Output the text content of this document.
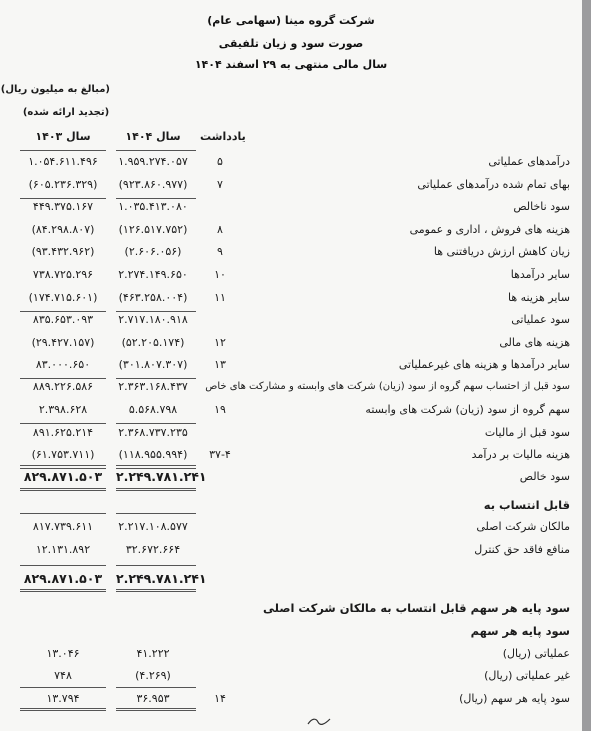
شرکت گروه مینا (سهامی عام)
صورت سود و زیان تلفیقی
سال مالی منتهی به ۲۹ اسفند ۱۴۰۴
(مبالغ به میلیون ریال)
(تجدید ارائه شده)
یادداشت
سال ۱۴۰۴
سال ۱۴۰۳
درآمدهای عملیاتی
۵
۱.۹۵۹.۲۷۴.۰۵۷
۱.۰۵۴.۶۱۱.۴۹۶
بهای تمام شده درآمدهای عملیاتی
۷
(۹۲۳.۸۶۰.۹۷۷)
(۶۰۵.۲۳۶.۳۲۹)
سود ناخالص
۱.۰۳۵.۴۱۳.۰۸۰
۴۴۹.۳۷۵.۱۶۷
هزینه های فروش ، اداری و عمومی
۸
(۱۲۶.۵۱۷.۷۵۲)
(۸۴.۲۹۸.۸۰۷)
زیان کاهش ارزش دریافتنی ها
۹
(۲.۶۰۶.۰۵۶)
(۹۳.۴۳۲.۹۶۲)
سایر درآمدها
۱۰
۲.۲۷۴.۱۴۹.۶۵۰
۷۳۸.۷۲۵.۲۹۶
سایر هزینه ها
۱۱
(۴۶۳.۲۵۸.۰۰۴)
(۱۷۴.۷۱۵.۶۰۱)
سود عملیاتی
۲.۷۱۷.۱۸۰.۹۱۸
۸۳۵.۶۵۳.۰۹۳
هزینه های مالی
۱۲
(۵۲.۲۰۵.۱۷۴)
(۲۹.۴۲۷.۱۵۷)
سایر درآمدها و هزینه های غیرعملیاتی
۱۳
(۳۰۱.۸۰۷.۳۰۷)
۸۳.۰۰۰.۶۵۰
سود قبل از احتساب سهم گروه از سود (زیان) شرکت های وابسته و مشارکت های خاص
۲.۳۶۳.۱۶۸.۴۳۷
۸۸۹.۲۲۶.۵۸۶
سهم گروه از سود (زیان) شرکت های وابسته
۱۹
۵.۵۶۸.۷۹۸
۲.۳۹۸.۶۲۸
سود قبل از مالیات
۲.۳۶۸.۷۳۷.۲۳۵
۸۹۱.۶۲۵.۲۱۴
هزینه مالیات بر درآمد
۳۷-۴
(۱۱۸.۹۵۵.۹۹۴)
(۶۱.۷۵۳.۷۱۱)
سود خالص
۲.۲۴۹.۷۸۱.۲۴۱
۸۲۹.۸۷۱.۵۰۳
قابل انتساب به
مالکان شرکت اصلی
۲.۲۱۷.۱۰۸.۵۷۷
۸۱۷.۷۳۹.۶۱۱
منافع فاقد حق کنترل
۳۲.۶۷۲.۶۶۴
۱۲.۱۳۱.۸۹۲
۲.۲۴۹.۷۸۱.۲۴۱
۸۲۹.۸۷۱.۵۰۳
سود پایه هر سهم قابل انتساب به مالکان شرکت اصلی
سود پایه هر سهم
عملیاتی (ریال)
۴۱.۲۲۲
۱۳.۰۴۶
غیر عملیاتی (ریال)
(۴.۲۶۹)
۷۴۸
سود پایه هر سهم (ریال)
۱۴
۳۶.۹۵۳
۱۳.۷۹۴
